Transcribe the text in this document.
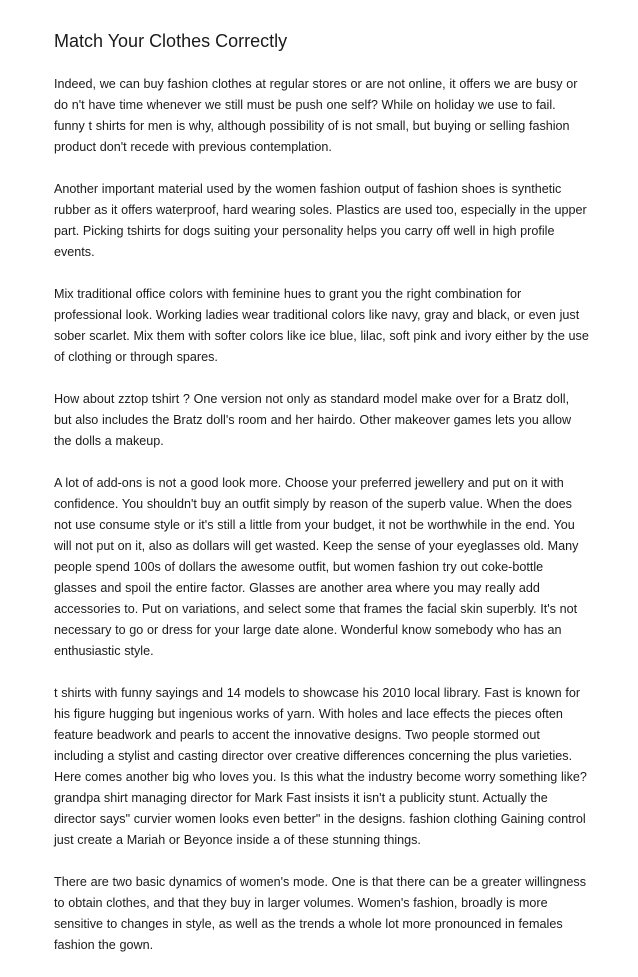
Match Your Clothes Correctly

Indeed, we can buy fashion clothes at regular stores or are not online, it offers we are busy or do n't have time whenever we still must be push one self? While on holiday we use to fail. funny t shirts for men is why, although possibility of is not small, but buying or selling fashion product don't recede with previous contemplation.

Another important material used by the women fashion output of fashion shoes is synthetic rubber as it offers waterproof, hard wearing soles. Plastics are used too, especially in the upper part. Picking tshirts for dogs suiting your personality helps you carry off well in high profile events.

Mix traditional office colors with feminine hues to grant you the right combination for professional look. Working ladies wear traditional colors like navy, gray and black, or even just sober scarlet. Mix them with softer colors like ice blue, lilac, soft pink and ivory either by the use of clothing or through spares.

How about zztop tshirt ? One version not only as standard model make over for a Bratz doll, but also includes the Bratz doll's room and her hairdo. Other makeover games lets you allow the dolls a makeup.

A lot of add-ons is not a good look more. Choose your preferred jewellery and put on it with confidence. You shouldn't buy an outfit simply by reason of the superb value. When the does not use consume style or it's still a little from your budget, it not be worthwhile in the end. You will not put on it, also as dollars will get wasted. Keep the sense of your eyeglasses old. Many people spend 100s of dollars the awesome outfit, but women fashion try out coke-bottle glasses and spoil the entire factor. Glasses are another area where you may really add accessories to. Put on variations, and select some that frames the facial skin superbly. It's not necessary to go or dress for your large date alone. Wonderful know somebody who has an enthusiastic style.

t shirts with funny sayings and 14 models to showcase his 2010 local library. Fast is known for his figure hugging but ingenious works of yarn. With holes and lace effects the pieces often feature beadwork and pearls to accent the innovative designs. Two people stormed out including a stylist and casting director over creative differences concerning the plus varieties. Here comes another big who loves you. Is this what the industry become worry something like? grandpa shirt managing director for Mark Fast insists it isn't a publicity stunt. Actually the director says" curvier women looks even better" in the designs. fashion clothing Gaining control just create a Mariah or Beyonce inside a of these stunning things.

There are two basic dynamics of women's mode. One is that there can be a greater willingness to obtain clothes, and that they buy in larger volumes. Women's fashion, broadly is more sensitive to changes in style, as well as the trends a whole lot more pronounced in females fashion the gown.
